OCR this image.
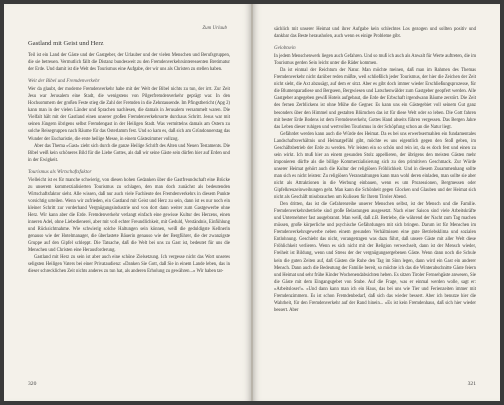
Zum Urlaub
Gastland mit Geist und Herz

Teil ist ein Land der Gäste und der Gastgeber, der Urlauber und der vielen Menschen und Berufsgruppen, die sie betreuen. Vermutlich fällt die Distanz bundesweit zu den Fremdenverkehrsinteressenten Bretimatur der Erde. Und damit ist die Welt des Tourismus eine Aufgabe, der wir uns als Christen zu stellen haben.

Weit der Bibel und Fremdenverkehr

Wer da glaubt, der moderne Fremdenverkehr habe mit der Welt der Bibel nichts zu tun, der irrt. Zur Zeit Jesu war Jerusalem eine Stadt, die wenigstens von Pilgerfremdenverkehr geprägt war. In den Hochsommern der großen Feste stieg die Zahl der Fremden in die Zehntausende. Im Pfingstbericht (Apg 2) kann man in der vielen Länder und Sprachen nachlesen, die damals in Jerusalem versammelt waren. Die Vielfalt hält mit der Gastland einen unserer großen Fremdenverkehrsorte durchaus Schritt. Jesus war mit seinen Jüngern übrigens selbst Fremdengast in der Heiligen Stadt. Was vermittelns damals am Ostern zu solche Reisegruppen nach Räume für das Osterlamm fest. Und so kam es, daß sich am Gründonnerstag das Wunder der Eucharistie, die erste heilige Messe, in einem Gästezimmer vollzog.

Aber das Thema »Gast« zieht sich durch die ganze Heilige Schrift des Alten und Neuen Testaments. Die Bibel weiß kein schöneres Bild für die Liebe Gottes, als daß wir seine Gäste sein dürfen hier auf Erden und in der Ewigkeit.

Tourismus als Wirtschaftsfaktor

Vielleicht ist es für manche schwierig, von diesen hohen Gedanken über die Gastfreundschaft eine Brücke zu unserem kommerzialisierten Tourismus zu schlagen, den man doch zunächst als bedeutenden Wirtschaftsfaktor sieht. Alle wissen, daß nur auch viele Fachleute des Fremdenverkehrs in diesem Punkte vorsichtig urteilen. Wenn wir zufrieden, ein Gastland mit Geist und Herz zu sein, dann ist es nur noch ein kleiner Schritt zur vorderhand Vergnügungsindustrie und von dort dann weiter zum Gastgewerbe ohne Herz. Wir kann aber die Erde. Fremdenverkehr verlangt einfach eine gewisse Kultur des Herzens, einen inneren Adel, ohne Liebedienerei, aber mit voll echter Freundlichkeit, mit Geduld, Verständnis, Einfühlung und Rücksichtnahme. Wie schwierig solche Haltungen sein können, weiß die geduldigste Kellnerin genauso wie der Hotelmanager, die überlastete Bäuerin genauso wie der Bergführer, die der zwanzigste Gruppe auf den Gipfel schleppt. Die Tatsache, daß die Welt bei uns zu Gast ist, bedeutet für uns die Menschen und Christen eine Herausforderung.

Gastland mit Herz zu sein ist aber auch eine schöne Zielsetzung. Ich vergesse nicht das Wort unseres seligsten Heiligen Vaters bei einer Privataudienz: »Danken Sie Gott, daß Sie in einem Lande leben, das in dieser schrecklichen Zeit nichts anderes zu tun hat, als anderen Erholung zu gewähren...« Wir haben tat-

320

sächlich mit unserer Heimat und ihrer Aufgabe kein schlechtes Los gezogen und sollten positiv und dankbar das Beste herausholen, auch wenn es einige Probleme gibt.

Gelobtsein

In jedem Menschenwerk liegen auch Gefahren. Und so muß ich auch als Anwalt für Werte auftreten, die im Tourismus gerden Sein leicht unter die Räder kommen.

Da ist einmal der Reichtum der Natur. Man möchte meinen, daß man im Rahmen des Themas Fremdenverkehr nicht darüber reden müßte, weil schließlich jeder Tourismus, der hier die Zeichen der Zeit nicht sieht, die Axt abzusägt, auf dem er sitzt. Aber es gibt doch immer wieder Erschließungsprozesse, für die Blumenparadiese und Bergseen, Bergwiesen und Latschenwälder zum Gastgeber geopfert werden. Alle Gastgeber angegeben gewiß Hotels aufgebaut, die Erde der Erbschaft irgendwann Bäume zerstört. Die Zeit des fernen Zerblickens ist ohne Mühe die Gegner. Es kann uns ein Gästegebiet voll seinem Gut ganz besonders über den Himmel und gestalten Blümchen das ist für diese Welt oder so leben. Die Gott fahren mit bester Erde Bodens ist dem Fremdenverkehr, Gottes Hand abseits führen vergessen. Das Bergen Jahre das Leben dieser ruhigen und wertvollen Tourismus in der Schöpfung schon an die Natur liegt.

Gefährdet werden kann auch die Würde des Heimat. Da es bei uns erwerbsermahlen ein fundamentales Landschaftsverhältnis und Heimatgefühl gibt, möchte es uns eigentlich gegen den Stoß geben, im Geschäftsbetrieb der Erde zu werden. Wir leisten ein so schön und rein ist, da es doch fest und einen zu sein wirkt. Ich muß hier an einem gesunden Stolz appellieren, der übrigens den meisten Gästen mehr imponieren dürfte als die billige Kommerzialisierung sich zu den primitiven Geschmack. Zur Würde unserer Heimat gehört auch die Kultur der religiösen Fröhlichkeit. Und in diesem Zusammenhang sollte man sich es nicht leisten: Zu religiösen Veranstaltungen kann man wohl deren einladen, man sollte sie aber nicht als Attraktionen in die Werbung einbauen, wenn es um Prozessionen, Bergmessen oder Gipfelkreuzeinweihungen geht. Man kann die Schönheit gegen Glocken und Glauben und der Heimat sich nicht als Geschäft missbrauchen um Kulissen für Ihrem Tiroler Abend.

Den dritten, das ist die Gefahrenreihe unserer Menschen selbst, ist der Mensch und die Familie. Fremdenverkehrsbetriebe sind große Belastungen ausgesetzt. Nach einer Saison sind viele Arbeitskräfte und Unternehmer fast ausgebrannt. Man weiß, daß z.B. Betriebe, die während der Nacht zum Tag machen müssen, große körperliche und psychische Gefährdungen mit sich bringen. Darum ist für Menschen im Fremdenverkehrsgewerbe neben einem gesunden Verhältnissen eine gute Betriebsklima und sozialen Entlohnung. Geschieht das nicht, vorangetragen was dazu führt, daß unsere Gäste mit aller Welt diese Fröhlichkeit verlieren. Wenn es sich nicht mit der Religion verwechselt, dann ist der Mensch wieder, Freiheit ist Bildung, wenn und Stress der der vergnügungsergebenen Gäste. Wenn dann noch die Schule kein die guten Zeiten auf, daß Gästen die Ruhe den Tag im Sinn legen, dann wird ein Gast ein anderer Mensch. Dann auch die Bedeutung der Familie bereit, so möchte ich das die Winterabschnitte Gäste feiern und Heimat und sehr frühe Kinder Wochenendabsichten heben. Es sitzen Tiroler Fernsehgäste anwesen, Sie die Gäste mit dem Eingangsgebet von Stube. Auf die Frage, was er einmal werden wolle, sagt er: »Arbeitsloser!«. »Und dann kann man ich ein Haus, das bei uns wie Tier und Ferienzeiten immer mit Fremdenzimmern. Es ist schon Fremdenbedarf, daß sich das wieder bessert. Aber ich benutze hier die Wahrheit, für den Fremdenverkehr auf der Rand hinein... «Es ist kein Fremdenhaus, daß sich hier wieder bessert. Aber

321
